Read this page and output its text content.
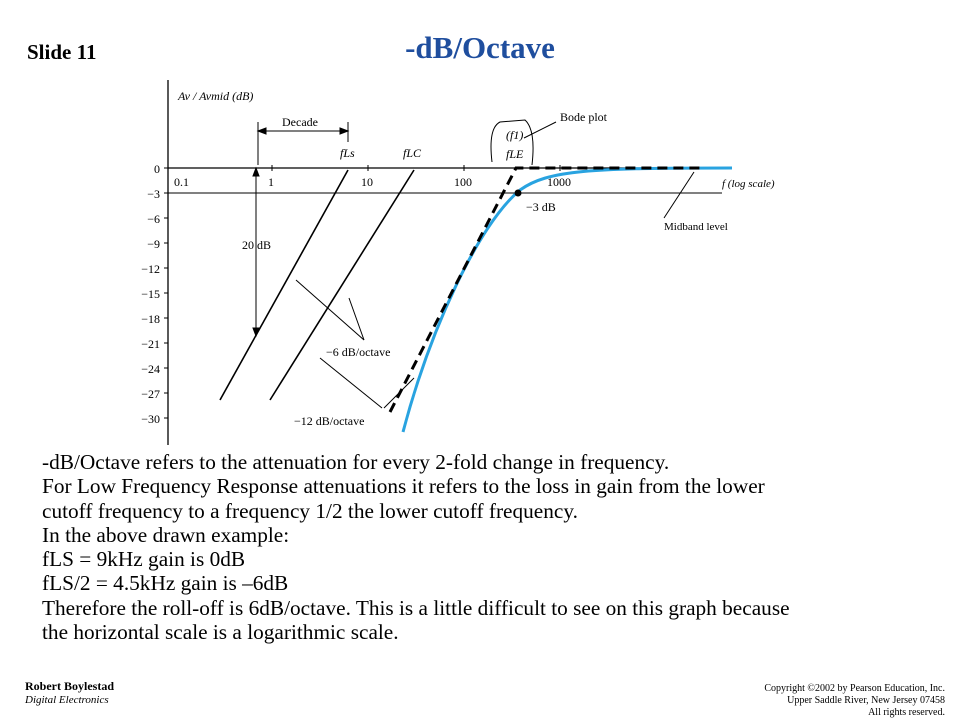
Slide 11	-dB/Octave
0
−3
−6
−9
−12
−15
−18
−21
−24
−27
−30
Av / Avmid (dB)
0.1	1	10	100	1000	f (log scale)
Decade
20 dB
fLs	fLC
(f1)
fLE
Bode plot
−3 dB
Midband level
−6 dB/octave
−12 dB/octave
-dB/Octave refers to the attenuation for every 2-fold change in frequency.
For Low Frequency Response attenuations it refers to the loss in gain from the lower
cutoff frequency to a frequency 1/2 the lower cutoff frequency.
In the above drawn example:
fLS = 9kHz gain is 0dB
fLS/2 = 4.5kHz gain is –6dB
Therefore the roll-off is 6dB/octave. This is a little difficult to see on this graph because
the horizontal scale is a logarithmic scale.
Robert Boylestad
Digital Electronics
Copyright ©2002 by Pearson Education, Inc.
Upper Saddle River, New Jersey 07458
All rights reserved.
